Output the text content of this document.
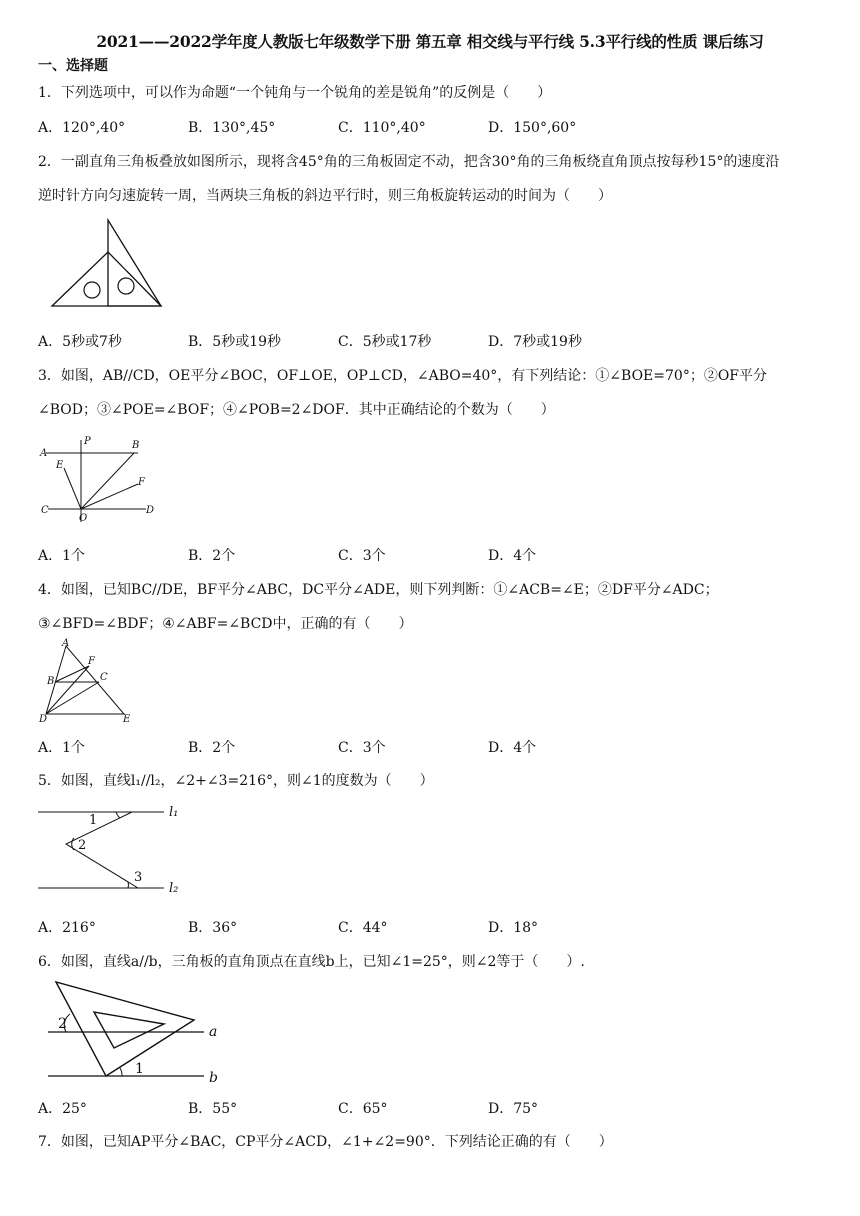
2021——2022学年度人教版七年级数学下册 第五章 相交线与平行线 5.3平行线的性质 课后练习
一、选择题
1．下列选项中，可以作为命题“一个钝角与一个锐角的差是锐角”的反例是（　　）
A．120°,40°	B．130°,45°	C．110°,40°	D．150°,60°
2．一副直角三角板叠放如图所示，现将含45°角的三角板固定不动，把含30°角的三角板绕直角顶点按每秒15°的速度沿
逆时针方向匀速旋转一周，当两块三角板的斜边平行时，则三角板旋转运动的时间为（　　）
A．5秒或7秒	B．5秒或19秒	C．5秒或17秒	D．7秒或19秒
3．如图，AB//CD，OE平分∠BOC，OF⊥OE，OP⊥CD，∠ABO=40°，有下列结论：①∠BOE=70°；②OF平分
∠BOD；③∠POE=∠BOF；④∠POB=2∠DOF．其中正确结论的个数为（　　）
A
P	B
E
F
C
O
D
A．1个	B．2个	C．3个	D．4个
4．如图，已知BC//DE，BF平分∠ABC，DC平分∠ADE，则下列判断：①∠ACB=∠E；②DF平分∠ADC；
③∠BFD=∠BDF；④∠ABF=∠BCD中，正确的有（　　）
A
F
B	C
D	E
A．1个	B．2个	C．3个	D．4个
5．如图，直线l₁//l₂，∠2+∠3=216°，则∠1的度数为（　　）
1
2
3
l₁
l₂
A．216°	B．36°	C．44°	D．18°
6．如图，直线a//b，三角板的直角顶点在直线b上，已知∠1=25°，则∠2等于（　　）.
2	a
1
b
A．25°	B．55°	C．65°	D．75°
7．如图，已知AP平分∠BAC，CP平分∠ACD，∠1+∠2=90°．下列结论正确的有（　　）
